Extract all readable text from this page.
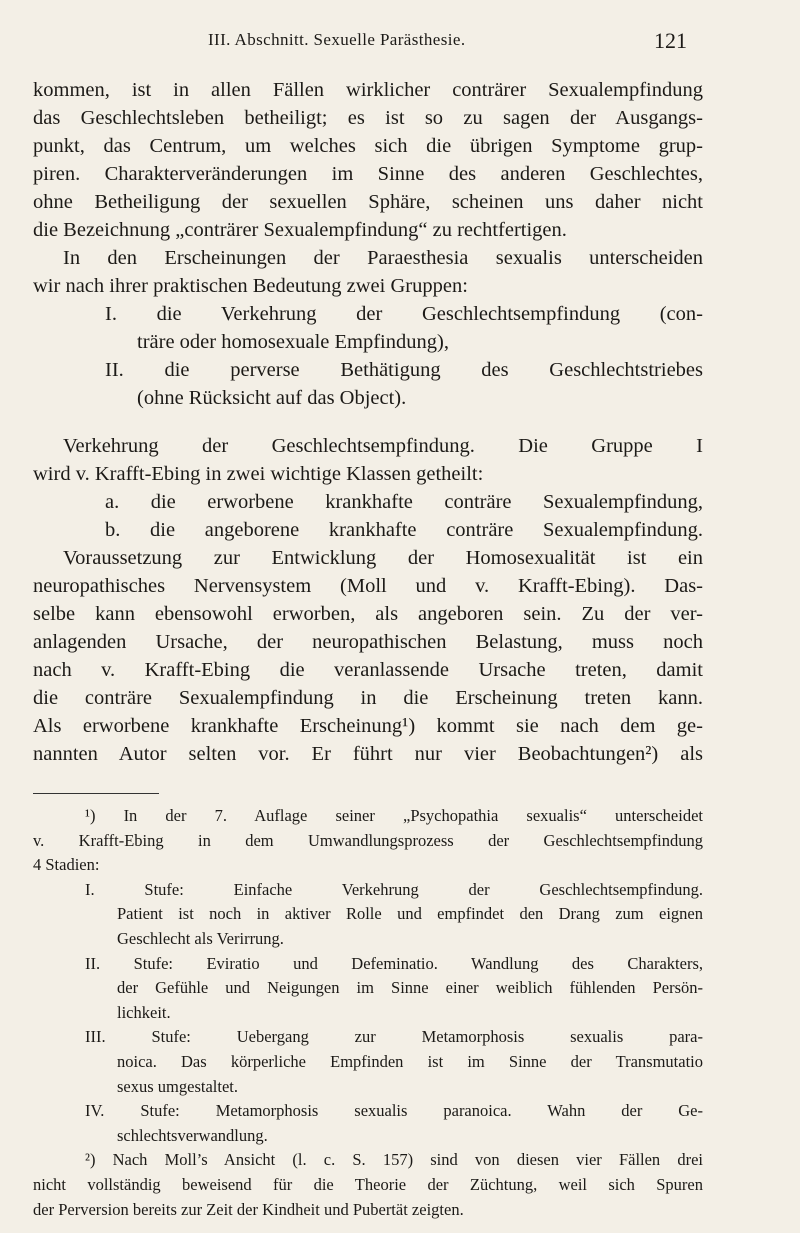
III. Abschnitt. Sexuelle Parästhesie.	121
kommen, ist in allen Fällen wirklicher conträrer Sexualempfindung
das Geschlechtsleben betheiligt; es ist so zu sagen der Ausgangs-
punkt, das Centrum, um welches sich die übrigen Symptome grup-
piren. Charakterveränderungen im Sinne des anderen Geschlechtes,
ohne Betheiligung der sexuellen Sphäre, scheinen uns daher nicht
die Bezeichnung „conträrer Sexualempfindung“ zu rechtfertigen.
In den Erscheinungen der Paraesthesia sexualis unterscheiden
wir nach ihrer praktischen Bedeutung zwei Gruppen:
I. die Verkehrung der Geschlechtsempfindung (con-
träre oder homosexuale Empfindung),
II. die perverse Bethätigung des Geschlechtstriebes
(ohne Rücksicht auf das Object).
Verkehrung der Geschlechtsempfindung. Die Gruppe I
wird v. Krafft-Ebing in zwei wichtige Klassen getheilt:
a. die erworbene krankhafte conträre Sexualempfindung,
b. die angeborene krankhafte conträre Sexualempfindung.
Voraussetzung zur Entwicklung der Homosexualität ist ein
neuropathisches Nervensystem (Moll und v. Krafft-Ebing). Das-
selbe kann ebensowohl erworben, als angeboren sein. Zu der ver-
anlagenden Ursache, der neuropathischen Belastung, muss noch
nach v. Krafft-Ebing die veranlassende Ursache treten, damit
die conträre Sexualempfindung in die Erscheinung treten kann.
Als erworbene krankhafte Erscheinung¹) kommt sie nach dem ge-
nannten Autor selten vor. Er führt nur vier Beobachtungen²) als
¹) In der 7. Auflage seiner „Psychopathia sexualis“ unterscheidet
v. Krafft-Ebing in dem Umwandlungsprozess der Geschlechtsempfindung
4 Stadien:
I. Stufe: Einfache Verkehrung der Geschlechtsempfindung.
Patient ist noch in aktiver Rolle und empfindet den Drang zum eignen
Geschlecht als Verirrung.
II. Stufe: Eviratio und Defeminatio. Wandlung des Charakters,
der Gefühle und Neigungen im Sinne einer weiblich fühlenden Persön-
lichkeit.
III. Stufe: Uebergang zur Metamorphosis sexualis para-
noica. Das körperliche Empfinden ist im Sinne der Transmutatio
sexus umgestaltet.
IV. Stufe: Metamorphosis sexualis paranoica. Wahn der Ge-
schlechtsverwandlung.
²) Nach Moll’s Ansicht (l. c. S. 157) sind von diesen vier Fällen drei
nicht vollständig beweisend für die Theorie der Züchtung, weil sich Spuren
der Perversion bereits zur Zeit der Kindheit und Pubertät zeigten.
